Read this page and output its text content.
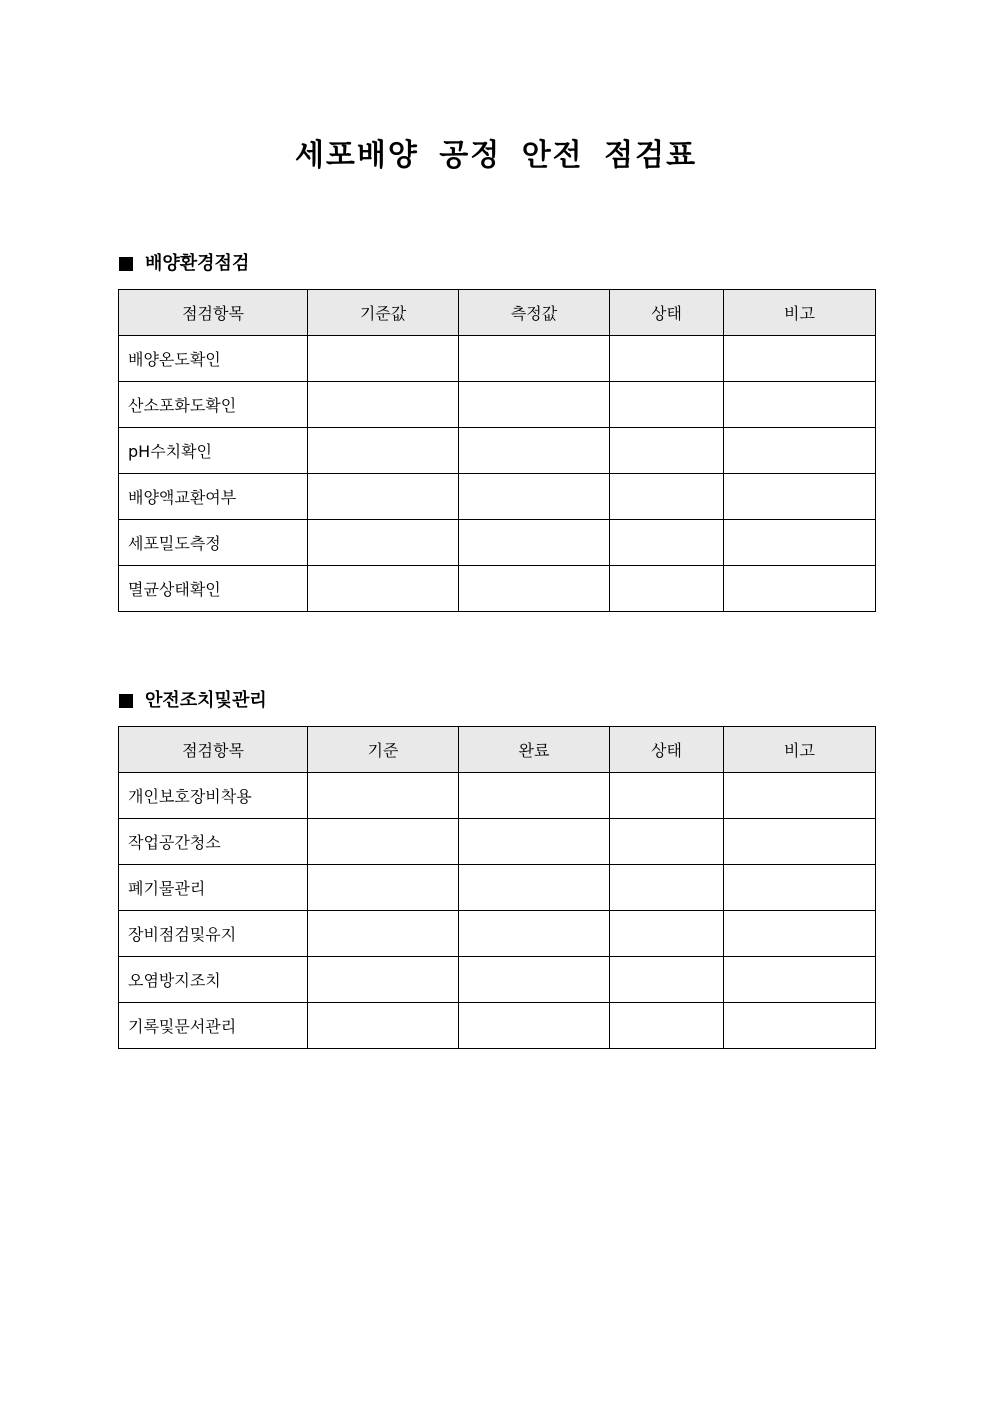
세포배양 공정 안전 점검표
배양환경점검
점검항목	기준값	측정값	상태	비고
배양온도확인				
산소포화도확인				
pH수치확인				
배양액교환여부				
세포밀도측정				
멸균상태확인				
안전조치및관리
점검항목	기준	완료	상태	비고
개인보호장비착용				
작업공간청소				
폐기물관리				
장비점검및유지				
오염방지조치				
기록및문서관리				
